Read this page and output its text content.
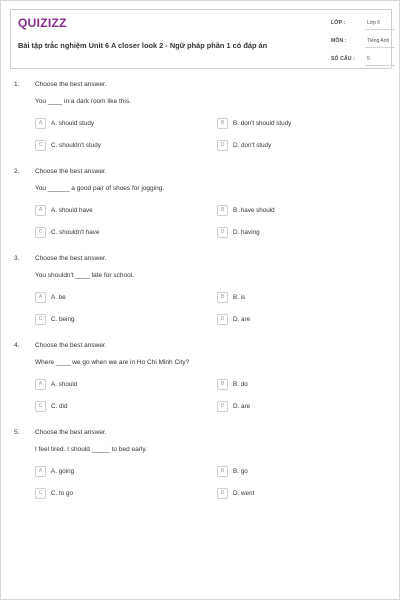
QUIZIZZ
Bài tập trắc nghiệm Unit 6 A closer look 2 - Ngữ pháp phần 1 có đáp án
LỚP :	Lớp 6
MÔN :	Tiếng Anh
SỐ CÂU : 5
1. Choose the best answer.
You ____ in a dark room like this.
A	A. should study	B	B. don't should study
C	C. shouldn't study	D	D. don't study
2. Choose the best answer.
You ______ a good pair of shoes for jogging.
A	A. should have	B	B. have should
C	C. shouldn't have	D	D. having
3. Choose the best answer.
You shouldn't ____ late for school.
A	A. be	B	B. is
C	C. being	D	D. are
4. Choose the best answer.
Where ____ we go when we are in Ho Chi Minh City?
A	A. should	B	B. do
C	C. did	D	D. are
5. Choose the best answer.
I feel tired. I should _____ to bed early.
A	A. going	B	B. go
C	C. to go	D	D. went
